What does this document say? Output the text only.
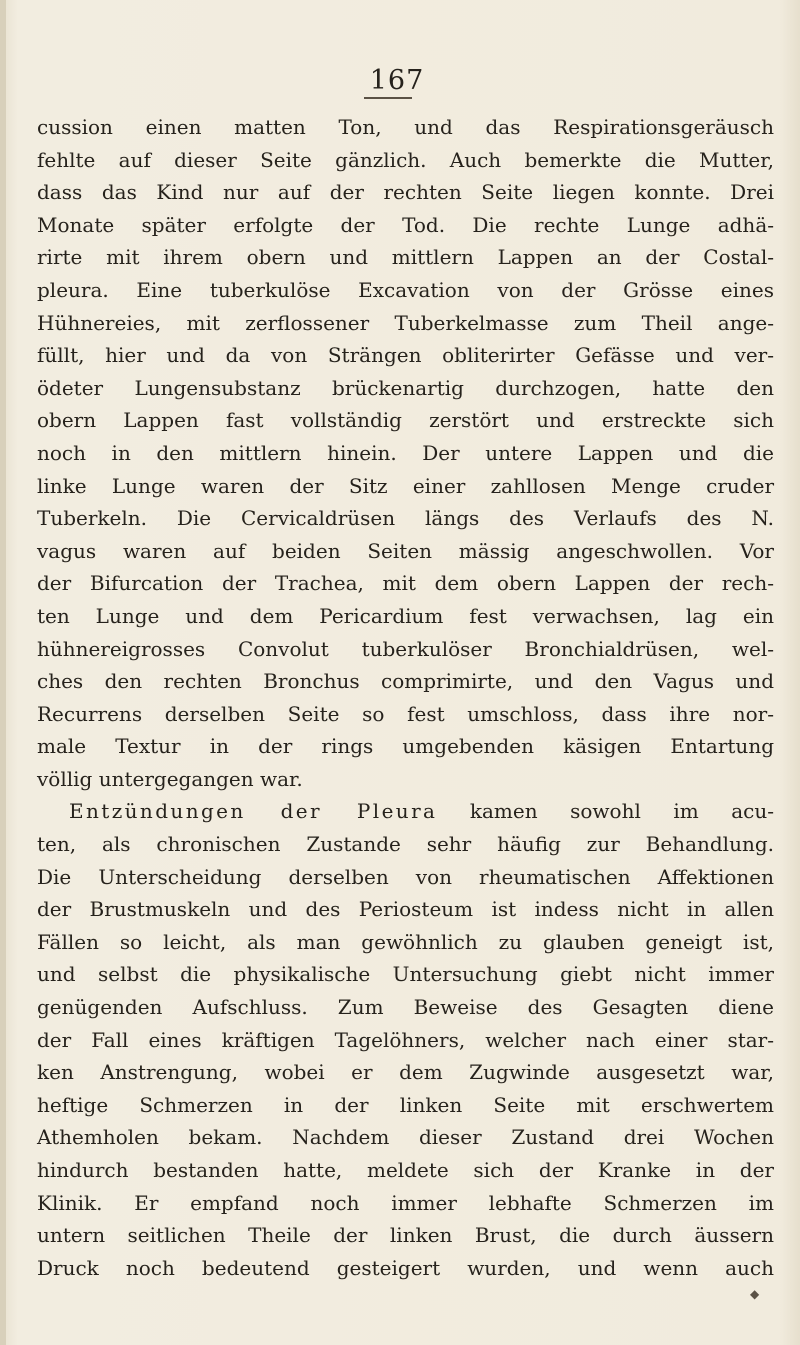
167
cussion einen matten Ton, und das Respirationsgeräusch
fehlte auf dieser Seite gänzlich. Auch bemerkte die Mutter,
dass das Kind nur auf der rechten Seite liegen konnte. Drei
Monate später erfolgte der Tod. Die rechte Lunge adhä-
rirte mit ihrem obern und mittlern Lappen an der Costal-
pleura. Eine tuberkulöse Excavation von der Grösse eines
Hühnereies, mit zerflossener Tuberkelmasse zum Theil ange-
füllt, hier und da von Strängen obliterirter Gefässe und ver-
ödeter Lungensubstanz brückenartig durchzogen, hatte den
obern Lappen fast vollständig zerstört und erstreckte sich
noch in den mittlern hinein. Der untere Lappen und die
linke Lunge waren der Sitz einer zahllosen Menge cruder
Tuberkeln. Die Cervicaldrüsen längs des Verlaufs des N.
vagus waren auf beiden Seiten mässig angeschwollen. Vor
der Bifurcation der Trachea, mit dem obern Lappen der rech-
ten Lunge und dem Pericardium fest verwachsen, lag ein
hühnereigrosses Convolut tuberkulöser Bronchialdrüsen, wel-
ches den rechten Bronchus comprimirte, und den Vagus und
Recurrens derselben Seite so fest umschloss, dass ihre nor-
male Textur in der rings umgebenden käsigen Entartung
völlig untergegangen war.
Entzündungen der Pleura kamen sowohl im acu-
ten, als chronischen Zustande sehr häufig zur Behandlung.
Die Unterscheidung derselben von rheumatischen Affektionen
der Brustmuskeln und des Periosteum ist indess nicht in allen
Fällen so leicht, als man gewöhnlich zu glauben geneigt ist,
und selbst die physikalische Untersuchung giebt nicht immer
genügenden Aufschluss. Zum Beweise des Gesagten diene
der Fall eines kräftigen Tagelöhners, welcher nach einer star-
ken Anstrengung, wobei er dem Zugwinde ausgesetzt war,
heftige Schmerzen in der linken Seite mit erschwertem
Athemholen bekam. Nachdem dieser Zustand drei Wochen
hindurch bestanden hatte, meldete sich der Kranke in der
Klinik. Er empfand noch immer lebhafte Schmerzen im
untern seitlichen Theile der linken Brust, die durch äussern
Druck noch bedeutend gesteigert wurden, und wenn auch
◆
